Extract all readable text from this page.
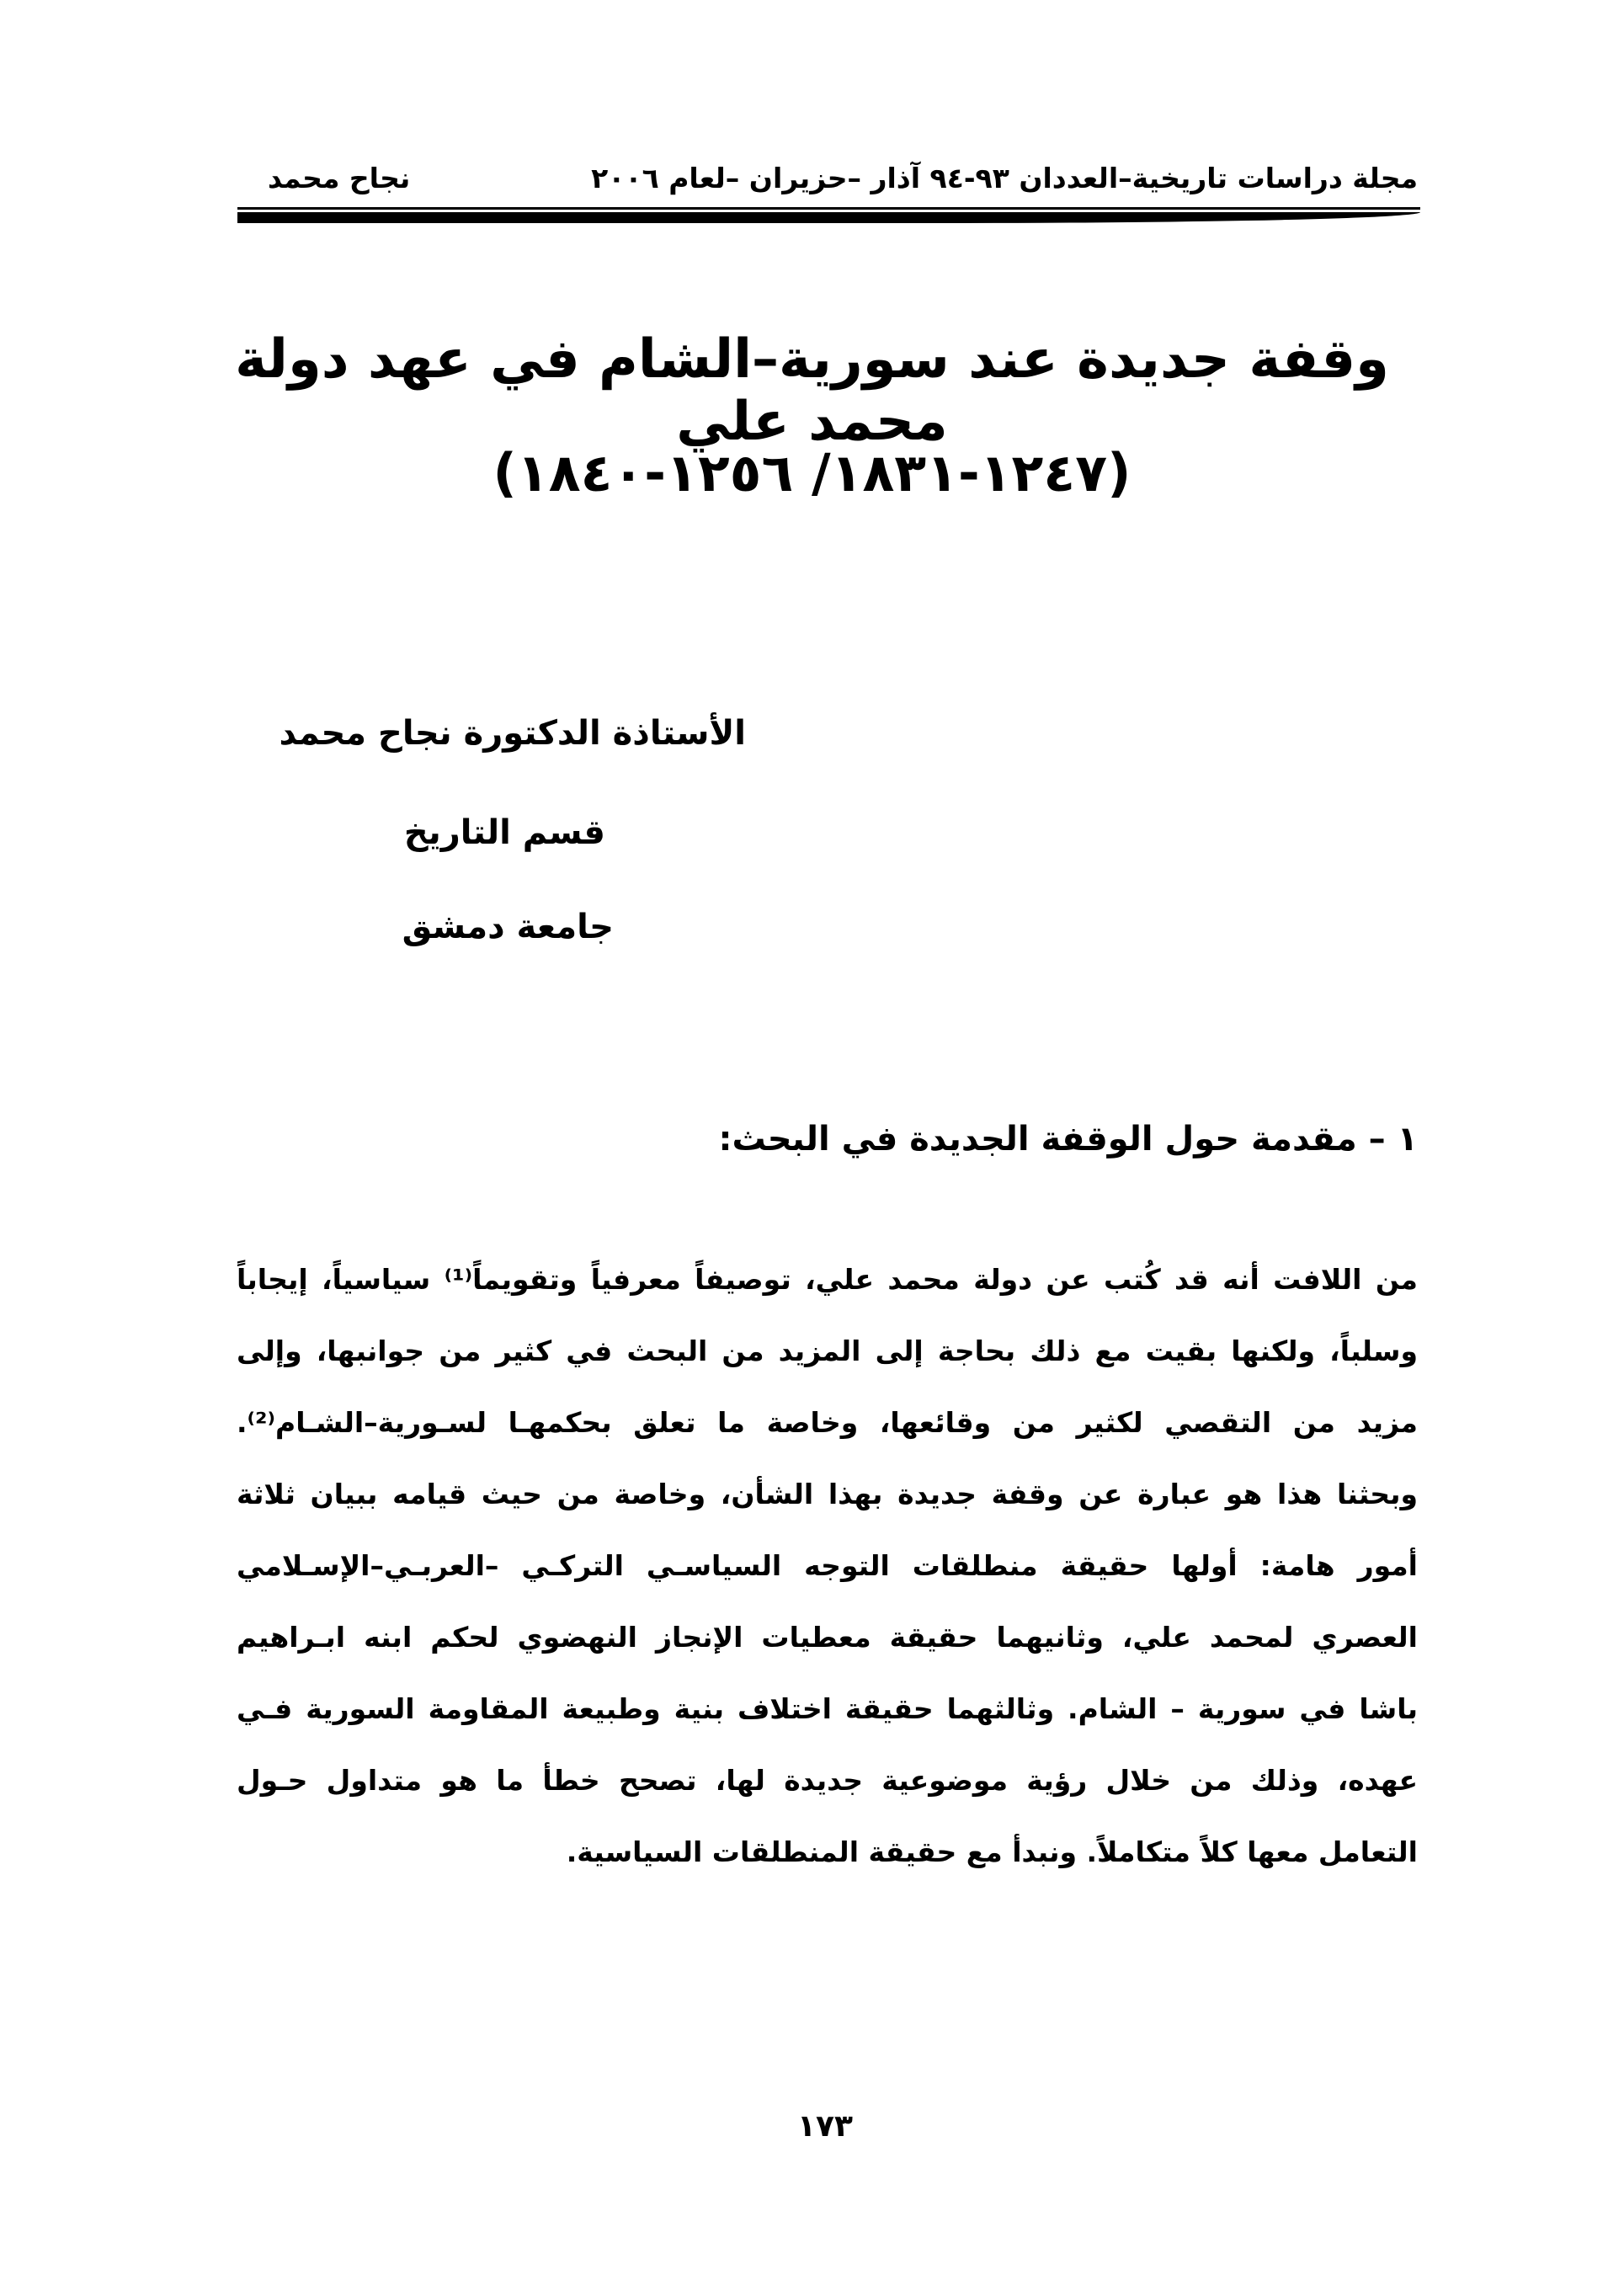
مجلة دراسات تاريخية–العددان ٩٣-٩٤ آذار –حزيران –لعام ٢٠٠٦
نجاح محمد
وقفة جديدة عند سورية–الشام في عهد دولة محمد علي
(١٢٤٧-١٨٣١/ ١٢٥٦-١٨٤٠)
الأستاذة الدكتورة نجاح محمد
قسم التاريخ
جامعة دمشق
١ – مقدمة حول الوقفة الجديدة في البحث:
من اللافت أنه قد كُتب عن دولة محمد علي، توصيفاً معرفياً وتقويماً⁽¹⁾ سياسياً، إيجاباً
وسلباً، ولكنها بقيت مع ذلك بحاجة إلى المزيد من البحث في كثير من جوانبها، وإلى
مزيد من التقصي لكثير من وقائعها، وخاصة ما تعلق بحكمهـا لسـورية–الشـام⁽²⁾.
وبحثنا هذا هو عبارة عن وقفة جديدة بهذا الشأن، وخاصة من حيث قيامه ببيان ثلاثة
أمور هامة: أولها حقيقة منطلقات التوجه السياسـي التركـي –العربـي–الإسـلامي
العصري لمحمد علي، وثانيهما حقيقة معطيات الإنجاز النهضوي لحكم ابنه ابـراهيم
باشا في سورية – الشام. وثالثهما حقيقة اختلاف بنية وطبيعة المقاومة السورية فـي
عهده، وذلك من خلال رؤية موضوعية جديدة لها، تصحح خطأ ما هو متداول حـول
التعامل معها كلاً متكاملاً. ونبدأ مع حقيقة المنطلقات السياسية.
١٧٣
